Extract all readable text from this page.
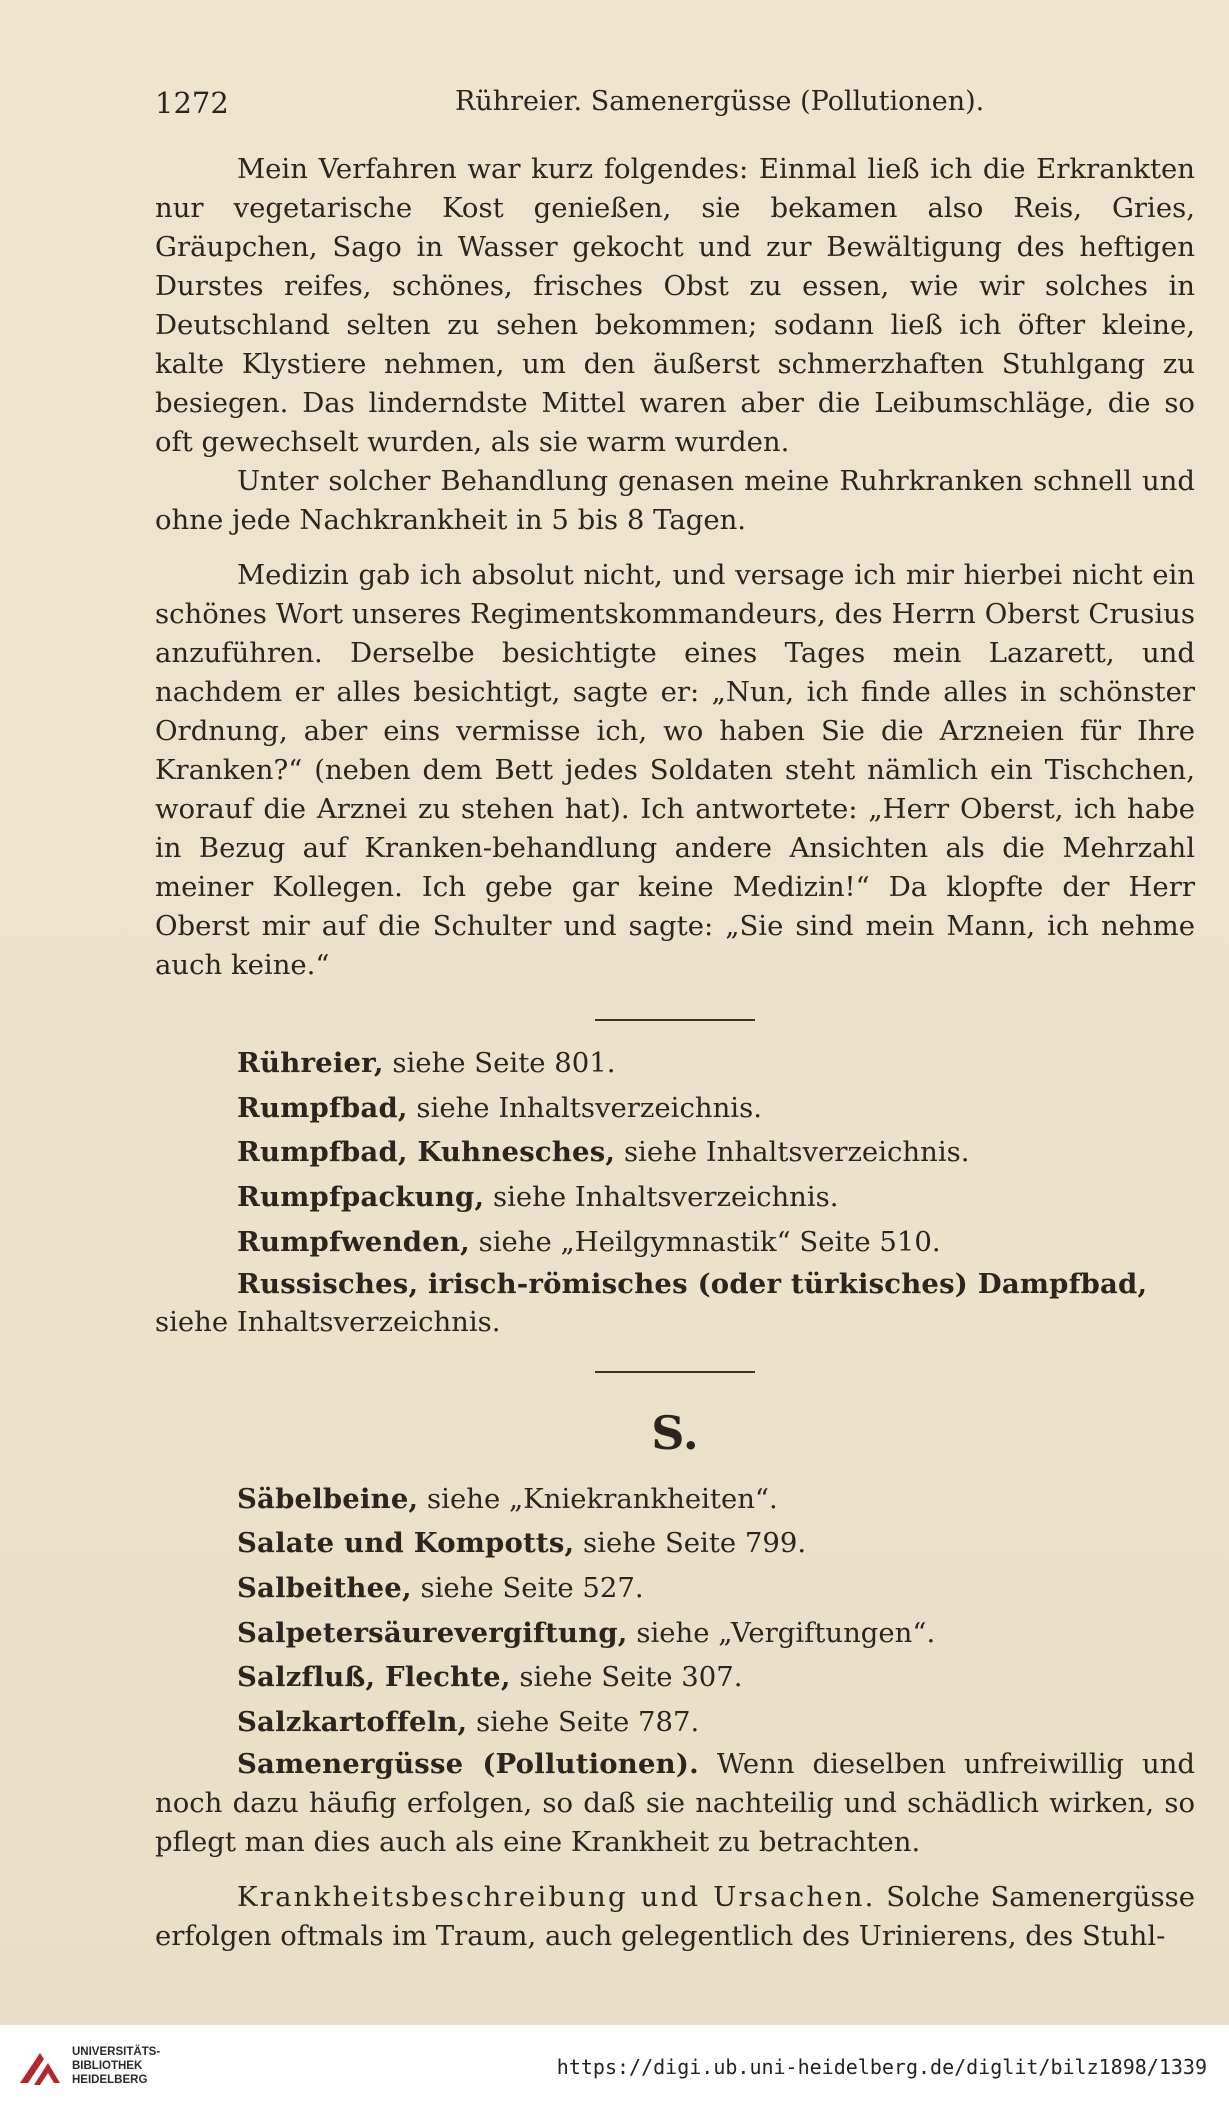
1272	Rühreier. Samenergüsse (Pollutionen).

Mein Verfahren war kurz folgendes: Einmal ließ ich die Erkrankten nur vegetarische Kost genießen, sie bekamen also Reis, Gries, Gräupchen, Sago in Wasser gekocht und zur Bewältigung des heftigen Durstes reifes, schönes, frisches Obst zu essen, wie wir solches in Deutschland selten zu sehen bekommen; sodann ließ ich öfter kleine, kalte Klystiere nehmen, um den äußerst schmerzhaften Stuhlgang zu besiegen. Das linderndste Mittel waren aber die Leibumschläge, die so oft gewechselt wurden, als sie warm wurden.

Unter solcher Behandlung genasen meine Ruhrkranken schnell und ohne jede Nachkrankheit in 5 bis 8 Tagen.

Medizin gab ich absolut nicht, und versage ich mir hierbei nicht ein schönes Wort unseres Regimentskommandeurs, des Herrn Oberst Crusius anzuführen. Derselbe besichtigte eines Tages mein Lazarett, und nachdem er alles besichtigt, sagte er: „Nun, ich finde alles in schönster Ordnung, aber eins vermisse ich, wo haben Sie die Arzneien für Ihre Kranken?“ (neben dem Bett jedes Soldaten steht nämlich ein Tischchen, worauf die Arznei zu stehen hat). Ich antwortete: „Herr Oberst, ich habe in Bezug auf Kranken-behandlung andere Ansichten als die Mehrzahl meiner Kollegen. Ich gebe gar keine Medizin!“ Da klopfte der Herr Oberst mir auf die Schulter und sagte: „Sie sind mein Mann, ich nehme auch keine.“

Rühreier, siehe Seite 801.

Rumpfbad, siehe Inhaltsverzeichnis.

Rumpfbad, Kuhnesches, siehe Inhaltsverzeichnis.

Rumpfpackung, siehe Inhaltsverzeichnis.

Rumpfwenden, siehe „Heilgymnastik“ Seite 510.

Russisches, irisch-römisches (oder türkisches) Dampfbad, siehe Inhaltsverzeichnis.

S.

Säbelbeine, siehe „Kniekrankheiten“.

Salate und Kompotts, siehe Seite 799.

Salbeithee, siehe Seite 527.

Salpetersäurevergiftung, siehe „Vergiftungen“.

Salzfluß, Flechte, siehe Seite 307.

Salzkartoffeln, siehe Seite 787.

Samenergüsse (Pollutionen). Wenn dieselben unfreiwillig und noch dazu häufig erfolgen, so daß sie nachteilig und schädlich wirken, so pflegt man dies auch als eine Krankheit zu betrachten.

Krankheitsbeschreibung und Ursachen. Solche Samenergüsse erfolgen oftmals im Traum, auch gelegentlich des Urinierens, des Stuhl-

UNIVERSITÄTS-
BIBLIOTHEK
HEIDELBERG
https://digi.ub.uni-heidelberg.de/diglit/bilz1898/1339
